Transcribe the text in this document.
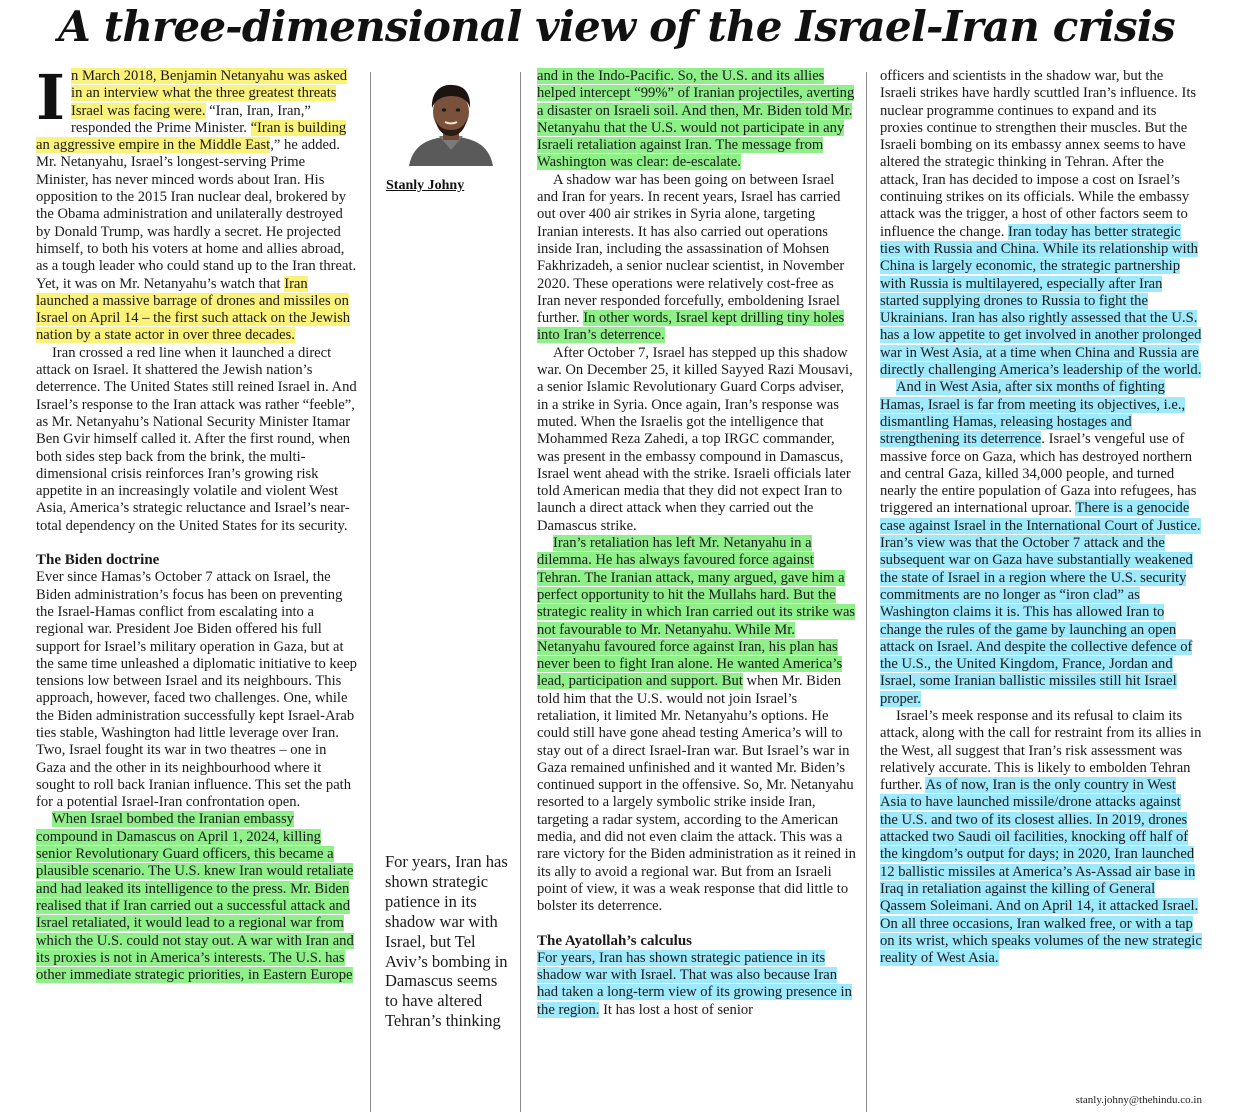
A three-dimensional view of the Israel-Iran crisis

In March 2018, Benjamin Netanyahu was asked in an interview what the three greatest threats Israel was facing were. “Iran, Iran, Iran,” responded the Prime Minister. “Iran is building an aggressive empire in the Middle East,” he added. Mr. Netanyahu, Israel’s longest-serving Prime Minister, has never minced words about Iran. His opposition to the 2015 Iran nuclear deal, brokered by the Obama administration and unilaterally destroyed by Donald Trump, was hardly a secret. He projected himself, to both his voters at home and allies abroad, as a tough leader who could stand up to the Iran threat. Yet, it was on Mr. Netanyahu’s watch that Iran launched a massive barrage of drones and missiles on Israel on April 14 – the first such attack on the Jewish nation by a state actor in over three decades.

Iran crossed a red line when it launched a direct attack on Israel. It shattered the Jewish nation’s deterrence. The United States still reined Israel in. And Israel’s response to the Iran attack was rather “feeble”, as Mr. Netanyahu’s National Security Minister Itamar Ben Gvir himself called it. After the first round, when both sides step back from the brink, the multi-dimensional crisis reinforces Iran’s growing risk appetite in an increasingly volatile and violent West Asia, America’s strategic reluctance and Israel’s near-total dependency on the United States for its security.

The Biden doctrine

Ever since Hamas’s October 7 attack on Israel, the Biden administration’s focus has been on preventing the Israel-Hamas conflict from escalating into a regional war. President Joe Biden offered his full support for Israel’s military operation in Gaza, but at the same time unleashed a diplomatic initiative to keep tensions low between Israel and its neighbours. This approach, however, faced two challenges. One, while the Biden administration successfully kept Israel-Arab ties stable, Washington had little leverage over Iran. Two, Israel fought its war in two theatres – one in Gaza and the other in its neighbourhood where it sought to roll back Iranian influence. This set the path for a potential Israel-Iran confrontation open.

When Israel bombed the Iranian embassy compound in Damascus on April 1, 2024, killing senior Revolutionary Guard officers, this became a plausible scenario. The U.S. knew Iran would retaliate and had leaked its intelligence to the press. Mr. Biden realised that if Iran carried out a successful attack and Israel retaliated, it would lead to a regional war from which the U.S. could not stay out. A war with Iran and its proxies is not in America’s interests. The U.S. has other immediate strategic priorities, in Eastern Europe

Stanly Johny
For years, Iran has shown strategic patience in its shadow war with Israel, but Tel Aviv’s bombing in Damascus seems to have altered Tehran’s thinking

and in the Indo-Pacific. So, the U.S. and its allies helped intercept “99%” of Iranian projectiles, averting a disaster on Israeli soil. And then, Mr. Biden told Mr. Netanyahu that the U.S. would not participate in any Israeli retaliation against Iran. The message from Washington was clear: de-escalate.

A shadow war has been going on between Israel and Iran for years. In recent years, Israel has carried out over 400 air strikes in Syria alone, targeting Iranian interests. It has also carried out operations inside Iran, including the assassination of Mohsen Fakhrizadeh, a senior nuclear scientist, in November 2020. These operations were relatively cost-free as Iran never responded forcefully, emboldening Israel further. In other words, Israel kept drilling tiny holes into Iran’s deterrence.

After October 7, Israel has stepped up this shadow war. On December 25, it killed Sayyed Razi Mousavi, a senior Islamic Revolutionary Guard Corps adviser, in a strike in Syria. Once again, Iran’s response was muted. When the Israelis got the intelligence that Mohammed Reza Zahedi, a top IRGC commander, was present in the embassy compound in Damascus, Israel went ahead with the strike. Israeli officials later told American media that they did not expect Iran to launch a direct attack when they carried out the Damascus strike.

Iran’s retaliation has left Mr. Netanyahu in a dilemma. He has always favoured force against Tehran. The Iranian attack, many argued, gave him a perfect opportunity to hit the Mullahs hard. But the strategic reality in which Iran carried out its strike was not favourable to Mr. Netanyahu. While Mr. Netanyahu favoured force against Iran, his plan has never been to fight Iran alone. He wanted America’s lead, participation and support. But when Mr. Biden told him that the U.S. would not join Israel’s retaliation, it limited Mr. Netanyahu’s options. He could still have gone ahead testing America’s will to stay out of a direct Israel-Iran war. But Israel’s war in Gaza remained unfinished and it wanted Mr. Biden’s continued support in the offensive. So, Mr. Netanyahu resorted to a largely symbolic strike inside Iran, targeting a radar system, according to the American media, and did not even claim the attack. This was a rare victory for the Biden administration as it reined in its ally to avoid a regional war. But from an Israeli point of view, it was a weak response that did little to bolster its deterrence.

The Ayatollah’s calculus

For years, Iran has shown strategic patience in its shadow war with Israel. That was also because Iran had taken a long-term view of its growing presence in the region. It has lost a host of senior

officers and scientists in the shadow war, but the Israeli strikes have hardly scuttled Iran’s influence. Its nuclear programme continues to expand and its proxies continue to strengthen their muscles. But the Israeli bombing on its embassy annex seems to have altered the strategic thinking in Tehran. After the attack, Iran has decided to impose a cost on Israel’s continuing strikes on its officials. While the embassy attack was the trigger, a host of other factors seem to influence the change. Iran today has better strategic ties with Russia and China. While its relationship with China is largely economic, the strategic partnership with Russia is multilayered, especially after Iran started supplying drones to Russia to fight the Ukrainians. Iran has also rightly assessed that the U.S. has a low appetite to get involved in another prolonged war in West Asia, at a time when China and Russia are directly challenging America’s leadership of the world.

And in West Asia, after six months of fighting Hamas, Israel is far from meeting its objectives, i.e., dismantling Hamas, releasing hostages and strengthening its deterrence. Israel’s vengeful use of massive force on Gaza, which has destroyed northern and central Gaza, killed 34,000 people, and turned nearly the entire population of Gaza into refugees, has triggered an international uproar. There is a genocide case against Israel in the International Court of Justice. Iran’s view was that the October 7 attack and the subsequent war on Gaza have substantially weakened the state of Israel in a region where the U.S. security commitments are no longer as “iron clad” as Washington claims it is. This has allowed Iran to change the rules of the game by launching an open attack on Israel. And despite the collective defence of the U.S., the United Kingdom, France, Jordan and Israel, some Iranian ballistic missiles still hit Israel proper.

Israel’s meek response and its refusal to claim its attack, along with the call for restraint from its allies in the West, all suggest that Iran’s risk assessment was relatively accurate. This is likely to embolden Tehran further. As of now, Iran is the only country in West Asia to have launched missile/drone attacks against the U.S. and two of its closest allies. In 2019, drones attacked two Saudi oil facilities, knocking off half of the kingdom’s output for days; in 2020, Iran launched 12 ballistic missiles at America’s As-Assad air base in Iraq in retaliation against the killing of General Qassem Soleimani. And on April 14, it attacked Israel. On all three occasions, Iran walked free, or with a tap on its wrist, which speaks volumes of the new strategic reality of West Asia.

stanly.johny@thehindu.co.in
